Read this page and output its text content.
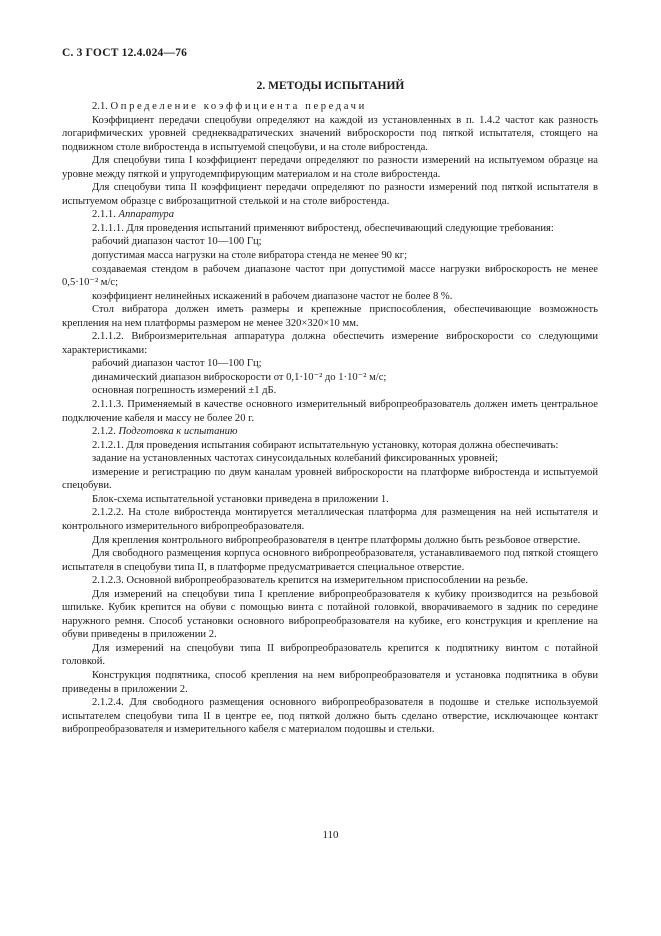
С. 3 ГОСТ 12.4.024—76
2. МЕТОДЫ ИСПЫТАНИЙ

2.1. Определение коэффициента передачи

Коэффициент передачи спецобуви определяют на каждой из установленных в п. 1.4.2 частот как разность логарифмических уровней среднеквадратических значений виброскорости под пяткой испытателя, стоящего на подвижном столе вибростенда в испытуемой спецобуви, и на столе вибростенда.

Для спецобуви типа I коэффициент передачи определяют по разности измерений на испытуемом образце на уровне между пяткой и упругодемпфирующим материалом и на столе вибростенда.

Для спецобуви типа II коэффициент передачи определяют по разности измерений под пяткой испытателя в испытуемом образце с виброзащитной стелькой и на столе вибростенда.

2.1.1. Аппаратура

2.1.1.1. Для проведения испытаний применяют вибростенд, обеспечивающий следующие требования:

рабочий диапазон частот 10—100 Гц;

допустимая масса нагрузки на столе вибратора стенда не менее 90 кг;

создаваемая стендом в рабочем диапазоне частот при допустимой массе нагрузки виброскорость не менее 0,5·10⁻² м/с;

коэффициент нелинейных искажений в рабочем диапазоне частот не более 8 %.

Стол вибратора должен иметь размеры и крепежные приспособления, обеспечивающие возможность крепления на нем платформы размером не менее 320×320×10 мм.

2.1.1.2. Виброизмерительная аппаратура должна обеспечить измерение виброскорости со следующими характеристиками:

рабочий диапазон частот 10—100 Гц;

динамический диапазон виброскорости от 0,1·10⁻² до 1·10⁻² м/с;

основная погрешность измерений ±1 дБ.

2.1.1.3. Применяемый в качестве основного измерительный вибропреобразователь должен иметь центральное подключение кабеля и массу не более 20 г.

2.1.2. Подготовка к испытанию

2.1.2.1. Для проведения испытания собирают испытательную установку, которая должна обеспечивать:

задание на установленных частотах синусоидальных колебаний фиксированных уровней;

измерение и регистрацию по двум каналам уровней виброскорости на платформе вибростенда и испытуемой спецобуви.

Блок-схема испытательной установки приведена в приложении 1.

2.1.2.2. На столе вибростенда монтируется металлическая платформа для размещения на ней испытателя и контрольного измерительного вибропреобразователя.

Для крепления контрольного вибропреобразователя в центре платформы должно быть резьбовое отверстие.

Для свободного размещения корпуса основного вибропреобразователя, устанавливаемого под пяткой стоящего испытателя в спецобуви типа II, в платформе предусматривается специальное отверстие.

2.1.2.3. Основной вибропреобразователь крепится на измерительном приспособлении на резьбе.

Для измерений на спецобуви типа I крепление вибропреобразователя к кубику производится на резьбовой шпильке. Кубик крепится на обуви с помощью винта с потайной головкой, вворачиваемого в задник по середине наружного ремня. Способ установки основного вибропреобразователя на кубике, его конструкция и крепление на обуви приведены в приложении 2.

Для измерений на спецобуви типа II вибропреобразователь крепится к подпятнику винтом с потайной головкой.

Конструкция подпятника, способ крепления на нем вибропреобразователя и установка подпятника в обуви приведены в приложении 2.

2.1.2.4. Для свободного размещения основного вибропреобразователя в подошве и стельке используемой испытателем спецобуви типа II в центре ее, под пяткой должно быть сделано отверстие, исключающее контакт вибропреобразователя и измерительного кабеля с материалом подошвы и стельки.

110
